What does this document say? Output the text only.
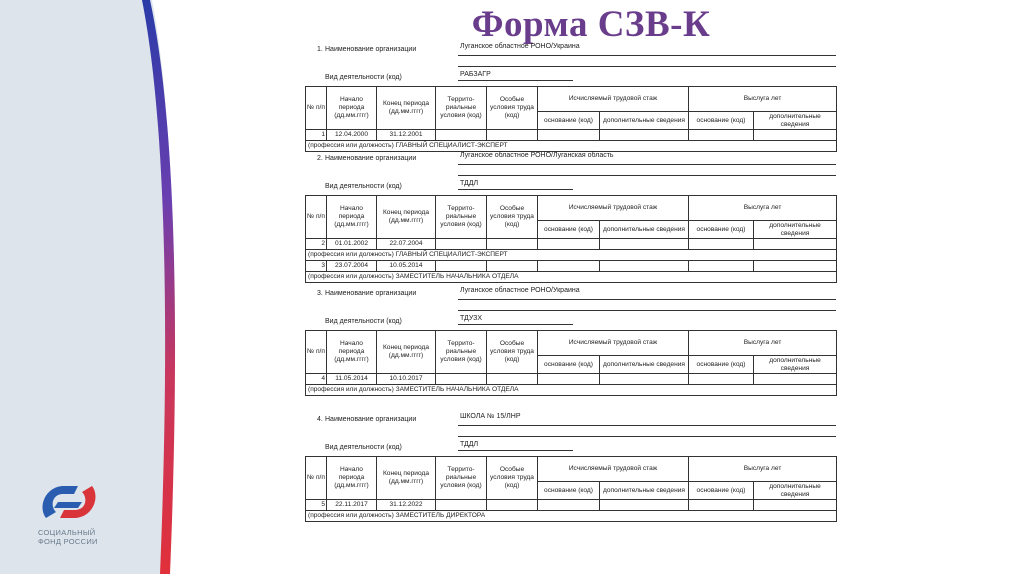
СОЦИАЛЬНЫЙ
ФОНД РОССИИ
Форма СЗВ-К
1. Наименование организации	Луганское областное РОНО/Украина
Вид деятельности (код)	РАБЗАГР
№ п/п	Начало периода (дд.мм.гггг)	Конец периода (дд.мм.гггг)	Террито-риальные условия (код)	Особые условия труда (код)	Исчисляемый трудовой стаж		Выслуга лет	
					основание (код)	дополнительные сведения	основание (код)	дополнительные сведения
1	12.04.2000	31.12.2001						
(профессия или должность) ГЛАВНЫЙ СПЕЦИАЛИСТ-ЭКСПЕРТ								
2. Наименование организации	Луганское областное РОНО/Луганская область
Вид деятельности (код)	ТДДЛ
№ п/п	Начало периода (дд.мм.гггг)	Конец периода (дд.мм.гггг)	Террито-риальные условия (код)	Особые условия труда (код)	Исчисляемый трудовой стаж		Выслуга лет	
					основание (код)	дополнительные сведения	основание (код)	дополнительные сведения
2	01.01.2002	22.07.2004						
(профессия или должность) ГЛАВНЫЙ СПЕЦИАЛИСТ-ЭКСПЕРТ								
3	23.07.2004	10.05.2014						
(профессия или должность) ЗАМЕСТИТЕЛЬ НАЧАЛЬНИКА ОТДЕЛА								
3. Наименование организации	Луганское областное РОНО/Украина
Вид деятельности (код)	ТДУЗХ
№ п/п	Начало периода (дд.мм.гггг)	Конец периода (дд.мм.гггг)	Террито-риальные условия (код)	Особые условия труда (код)	Исчисляемый трудовой стаж		Выслуга лет	
					основание (код)	дополнительные сведения	основание (код)	дополнительные сведения
4	11.05.2014	10.10.2017						
(профессия или должность) ЗАМЕСТИТЕЛЬ НАЧАЛЬНИКА ОТДЕЛА								
4. Наименование организации	ШКОЛА № 15/ЛНР
Вид деятельности (код)	ТДДЛ
№ п/п	Начало периода (дд.мм.гггг)	Конец периода (дд.мм.гггг)	Террито-риальные условия (код)	Особые условия труда (код)	Исчисляемый трудовой стаж		Выслуга лет	
					основание (код)	дополнительные сведения	основание (код)	дополнительные сведения
5	22.11.2017	31.12.2022						
(профессия или должность) ЗАМЕСТИТЕЛЬ ДИРЕКТОРА								
